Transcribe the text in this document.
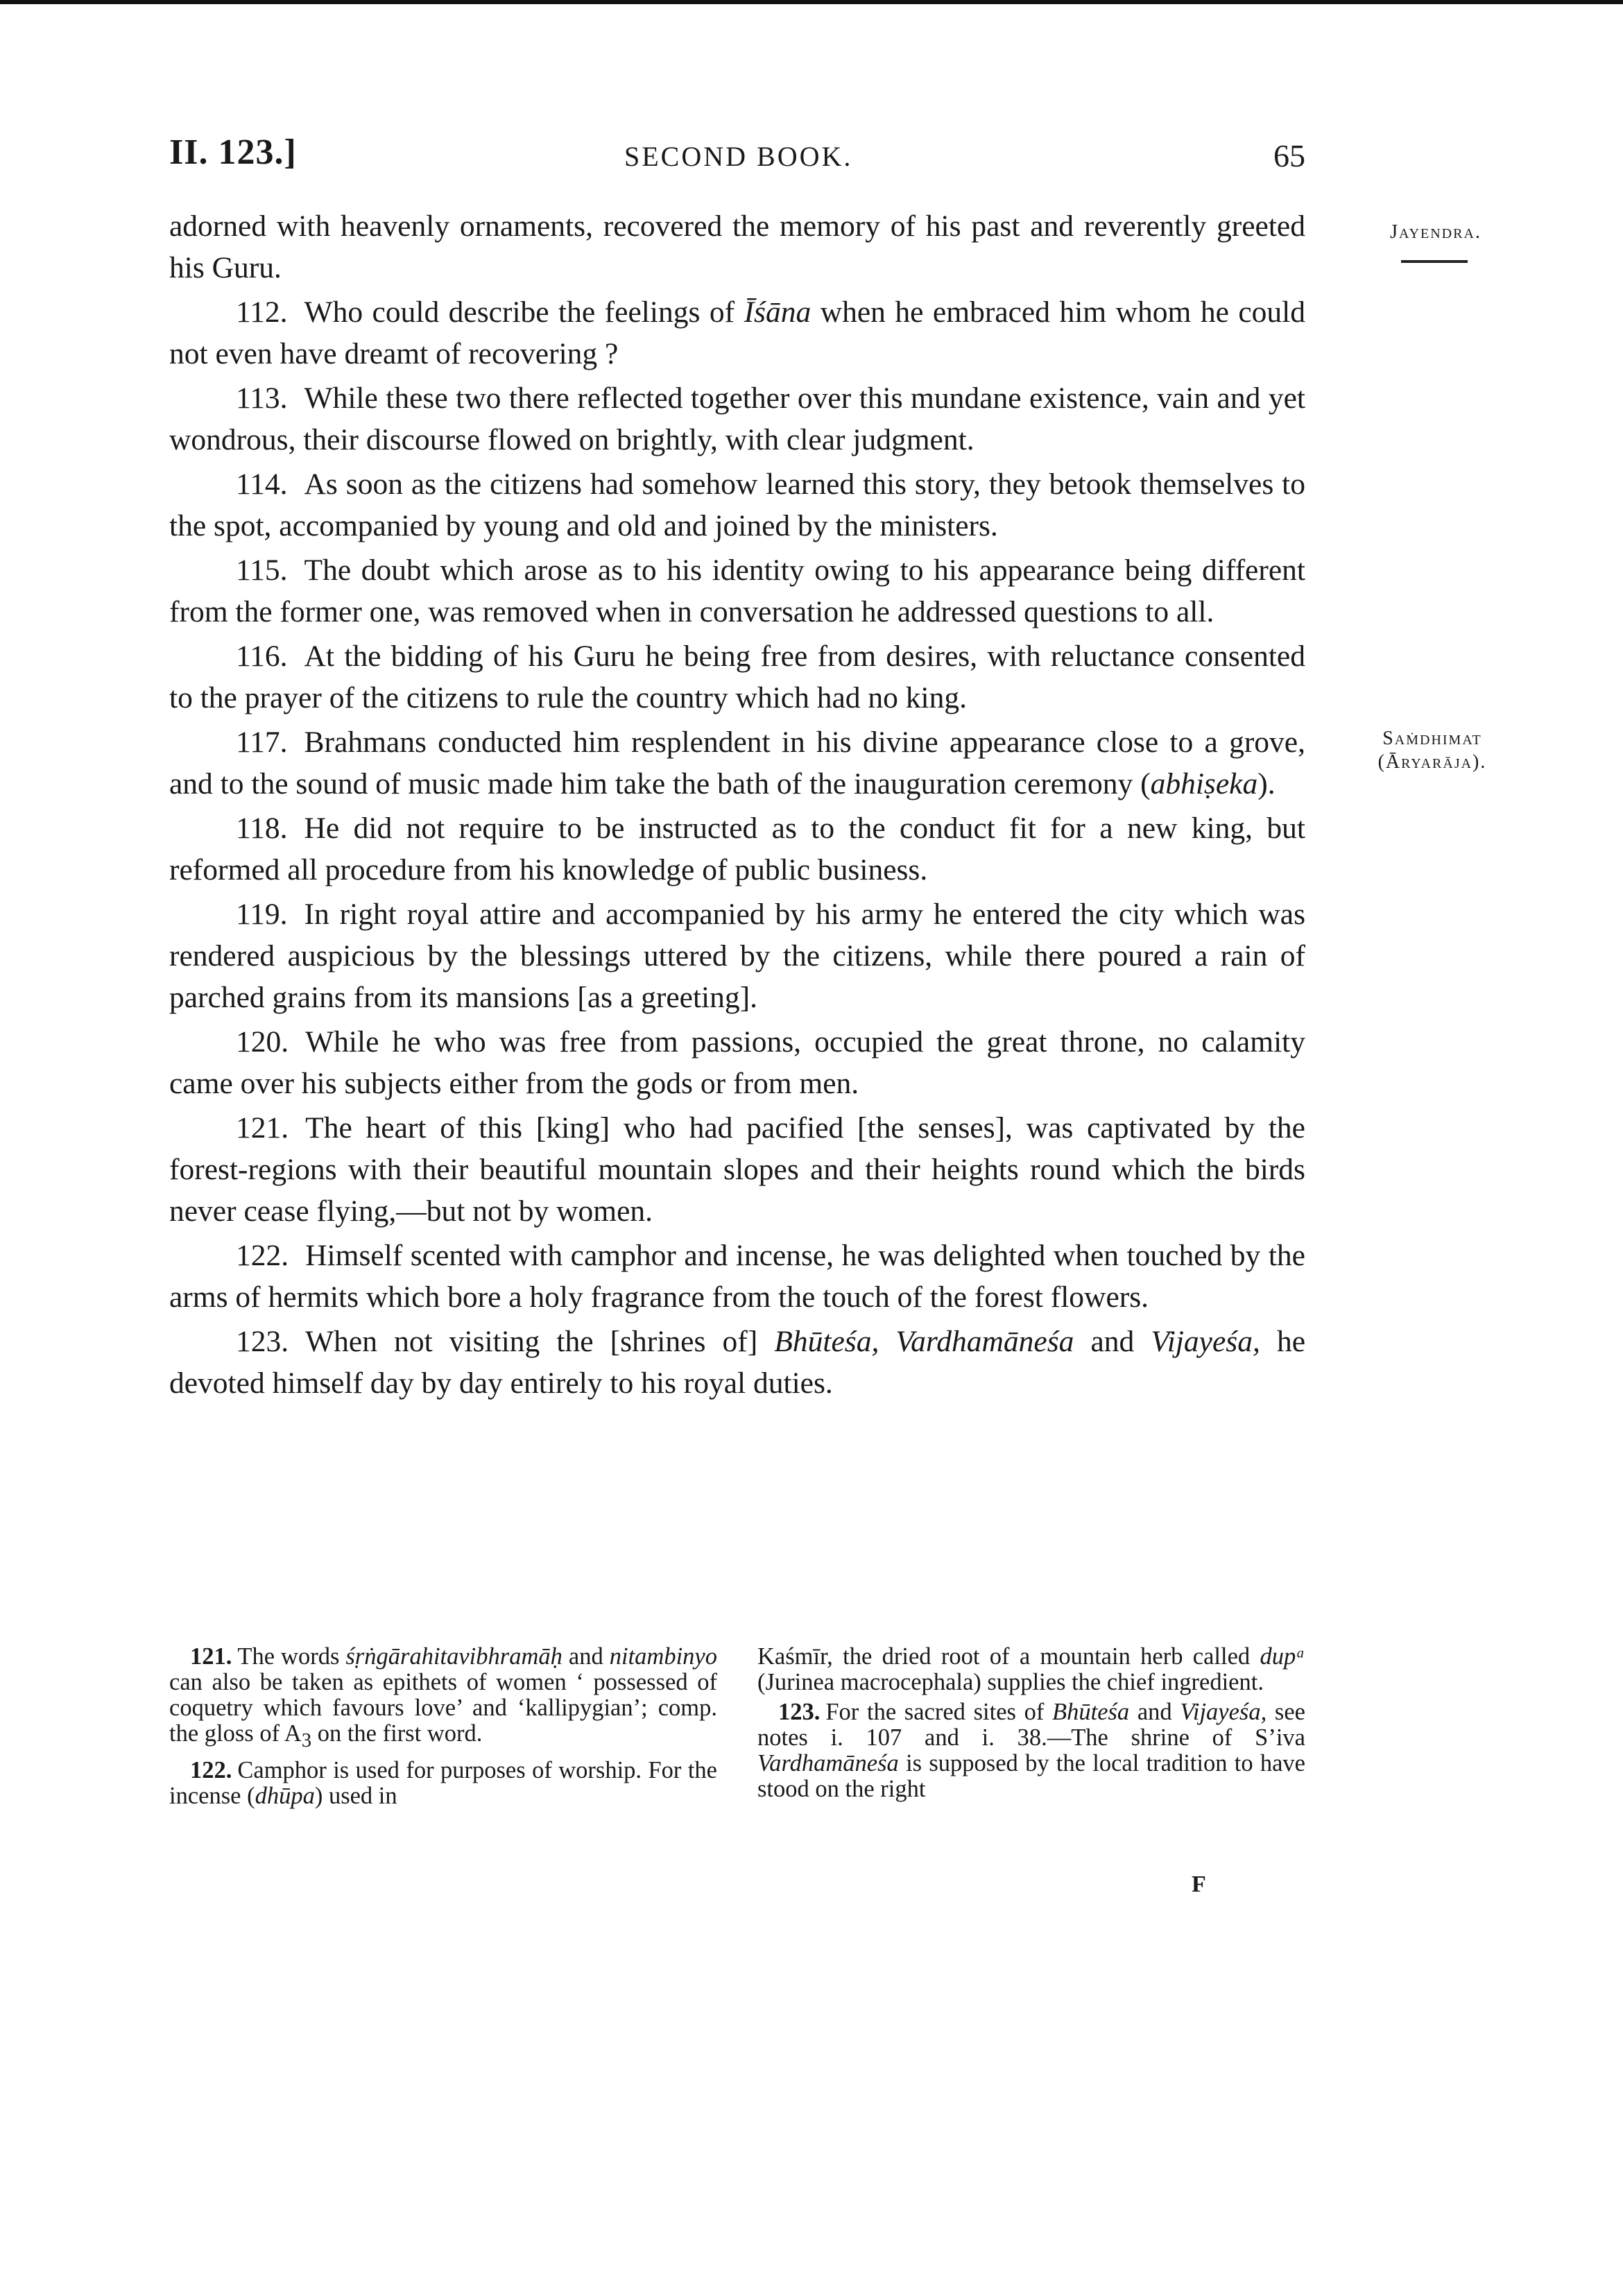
II. 123.]	SECOND BOOK.	65
Jayendra.
Saṁdhimat
(Āryarāja).

adorned with heavenly ornaments, recovered the memory of his past and reverently greeted his Guru.

112. Who could describe the feelings of Īśāna when he embraced him whom he could not even have dreamt of recovering ?

113. While these two there reflected together over this mundane existence, vain and yet wondrous, their discourse flowed on brightly, with clear judgment.

114. As soon as the citizens had somehow learned this story, they betook themselves to the spot, accompanied by young and old and joined by the ministers.

115. The doubt which arose as to his identity owing to his appearance being different from the former one, was removed when in conversation he addressed questions to all.

116. At the bidding of his Guru he being free from desires, with reluctance consented to the prayer of the citizens to rule the country which had no king.

117. Brahmans conducted him resplendent in his divine appearance close to a grove, and to the sound of music made him take the bath of the inauguration ceremony (abhiṣeka).

118. He did not require to be instructed as to the conduct fit for a new king, but reformed all procedure from his knowledge of public business.

119. In right royal attire and accompanied by his army he entered the city which was rendered auspicious by the blessings uttered by the citizens, while there poured a rain of parched grains from its mansions [as a greeting].

120. While he who was free from passions, occupied the great throne, no calamity came over his subjects either from the gods or from men.

121. The heart of this [king] who had pacified [the senses], was captivated by the forest-regions with their beautiful mountain slopes and their heights round which the birds never cease flying,—but not by women.

122. Himself scented with camphor and incense, he was delighted when touched by the arms of hermits which bore a holy fragrance from the touch of the forest flowers.

123. When not visiting the [shrines of] Bhūteśa, Vardhamāneśa and Vijayeśa, he devoted himself day by day entirely to his royal duties.

121. The words śṛṅgārahitavibhramāḥ and nitambinyo can also be taken as epithets of women ‘ possessed of coquetry which favours love’ and ‘kallipygian’; comp. the gloss of $A_3$ on the first word.

122. Camphor is used for purposes of worship. For the incense (dhūpa) used in

Kaśmīr, the dried root of a mountain herb called dupᵃ (Jurinea macrocephala) supplies the chief ingredient.

123. For the sacred sites of Bhūteśa and Vijayeśa, see notes i. 107 and i. 38.—The shrine of S’iva Vardhamāneśa is supposed by the local tradition to have stood on the right

F
